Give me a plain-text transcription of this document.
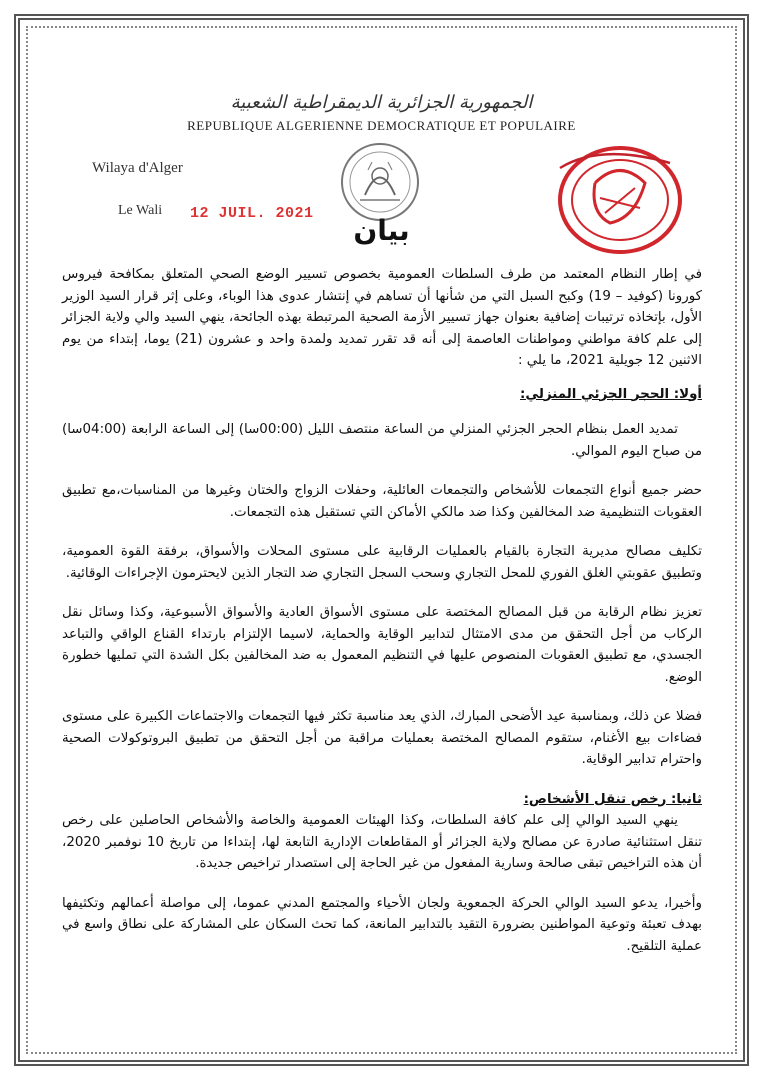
الجمهورية الجزائرية الديمقراطية الشعبية
REPUBLIQUE ALGERIENNE DEMOCRATIQUE ET POPULAIRE
Wilaya d'Alger
Le Wali 12 JUIL. 2021
بيان

في إطار النظام المعتمد من طرف السلطات العمومية بخصوص تسيير الوضع الصحي المتعلق بمكافحة فيروس كورونا (كوفيد – 19) وكبح السبل التي من شأنها أن تساهم في إنتشار عدوى هذا الوباء، وعلى إثر قرار السيد الوزير الأول، بإتخاذه ترتيبات إضافية بعنوان جهاز تسيير الأزمة الصحية المرتبطة بهذه الجائحة، ينهي السيد والي ولاية الجزائر إلى علم كافة مواطني ومواطنات العاصمة إلى أنه قد تقرر تمديد ولمدة واحد و عشرون (21) يوما، إبتداء من يوم الاثنين 12 جويلية 2021، ما يلي :

أولا: الحجر الجزئي المنزلي:

تمديد العمل بنظام الحجر الجزئي المنزلي من الساعة منتصف الليل (00:00سا) إلى الساعة الرابعة (04:00سا) من صباح اليوم الموالي.

حضر جميع أنواع التجمعات للأشخاص والتجمعات العائلية، وحفلات الزواج والختان وغيرها من المناسبات،مع تطبيق العقوبات التنظيمية ضد المخالفين وكذا ضد مالكي الأماكن التي تستقبل هذه التجمعات.

تكليف مصالح مديرية التجارة بالقيام بالعمليات الرقابية على مستوى المحلات والأسواق، برفقة القوة العمومية، وتطبيق عقوبتي الغلق الفوري للمحل التجاري وسحب السجل التجاري ضد التجار الذين لايحترمون الإجراءات الوقائية.

تعزيز نظام الرقابة من قبل المصالح المختصة على مستوى الأسواق العادية والأسواق الأسبوعية، وكذا وسائل نقل الركاب من أجل التحقق من مدى الامتثال لتدابير الوقاية والحماية، لاسيما الإلتزام بارتداء القناع الواقي والتباعد الجسدي، مع تطبيق العقوبات المنصوص عليها في التنظيم المعمول به ضد المخالفين بكل الشدة التي تمليها خطورة الوضع.

فضلا عن ذلك، وبمناسبة عيد الأضحى المبارك، الذي يعد مناسبة تكثر فيها التجمعات والاجتماعات الكبيرة على مستوى فضاءات بيع الأغنام، ستقوم المصالح المختصة بعمليات مراقبة من أجل التحقق من تطبيق البروتوكولات الصحية واحترام تدابير الوقاية.

ثانيا: رخص تنقل الأشخاص:

ينهي السيد الوالي إلى علم كافة السلطات، وكذا الهيئات العمومية والخاصة والأشخاص الحاصلين على رخص تنقل استثنائية صادرة عن مصالح ولاية الجزائر أو المقاطعات الإدارية التابعة لها، إبتداءا من تاريخ 10 نوفمبر 2020، أن هذه التراخيص تبقى صالحة وسارية المفعول من غير الحاجة إلى استصدار تراخيص جديدة.

وأخيرا، يدعو السيد الوالي الحركة الجمعوية ولجان الأحياء والمجتمع المدني عموما، إلى مواصلة أعمالهم وتكثيفها بهدف تعبئة وتوعية المواطنين بضرورة التقيد بالتدابير المانعة، كما تحث السكان على المشاركة على نطاق واسع في عملية التلقيح.
